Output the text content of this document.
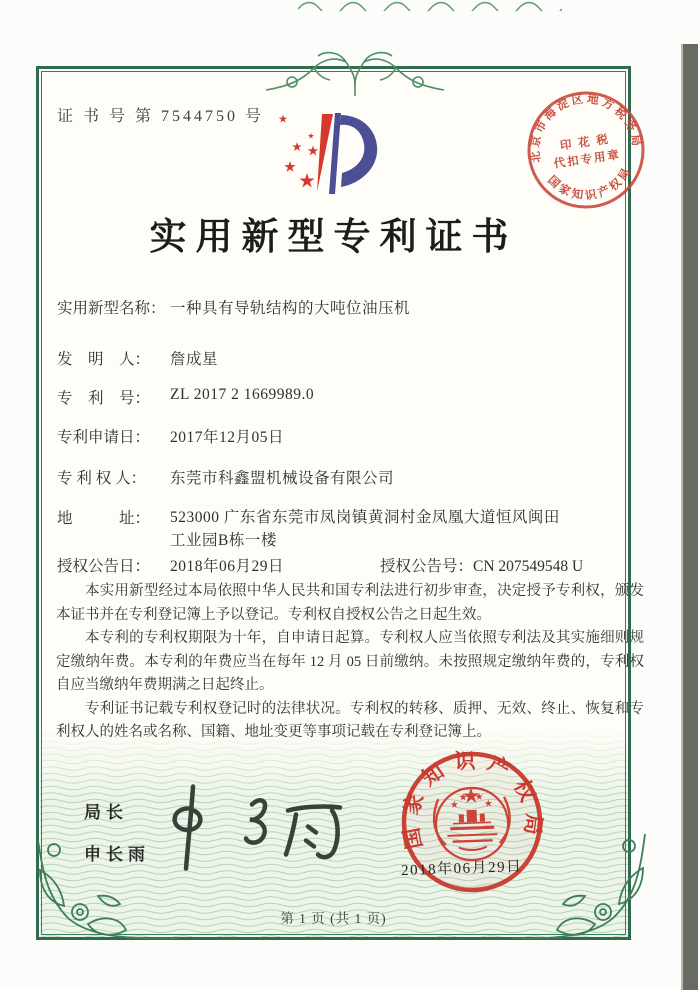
证 书 号 第 7544750 号
北京市海淀区地方税务局
国家知识产权局
印 花 税
代扣专用章
实用新型专利证书
实用新型名称： 一种具有导轨结构的大吨位油压机
发　明　人： 詹成星
专　利　号： ZL 2017 2 1669989.0
专利申请日： 2017年12月05日
专 利 权 人： 东莞市科鑫盟机械设备有限公司
地　　　址： 523000 广东省东莞市凤岗镇黄洞村金凤凰大道恒风闽田工业园B栋一楼
授权公告日： 2018年06月29日	授权公告号：CN 207549548 U

本实用新型经过本局依照中华人民共和国专利法进行初步审查，决定授予专利权，颁发本证书并在专利登记簿上予以登记。专利权自授权公告之日起生效。

本专利的专利权期限为十年，自申请日起算。专利权人应当依照专利法及其实施细则规定缴纳年费。本专利的年费应当在每年 12 月 05 日前缴纳。未按照规定缴纳年费的，专利权自应当缴纳年费期满之日起终止。

专利证书记载专利权登记时的法律状况。专利权的转移、质押、无效、终止、恢复和专利权人的姓名或名称、国籍、地址变更等事项记载在专利登记簿上。

局长
申长雨
国家知识产权局
2018年06月29日
第 1 页 (共 1 页)
